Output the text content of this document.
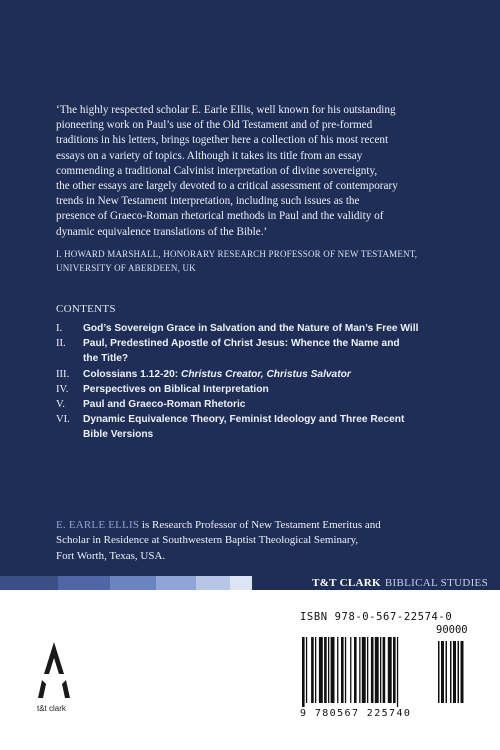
‘The highly respected scholar E. Earle Ellis, well known for his outstanding
pioneering work on Paul’s use of the Old Testament and of pre-formed
traditions in his letters, brings together here a collection of his most recent
essays on a variety of topics. Although it takes its title from an essay
commending a traditional Calvinist interpretation of divine sovereignty,
the other essays are largely devoted to a critical assessment of contemporary
trends in New Testament interpretation, including such issues as the
presence of Graeco-Roman rhetorical methods in Paul and the validity of
dynamic equivalence translations of the Bible.’
I. HOWARD MARSHALL, HONORARY RESEARCH PROFESSOR OF NEW TESTAMENT,
UNIVERSITY OF ABERDEEN, UK
CONTENTS
I.	God’s Sovereign Grace in Salvation and the Nature of Man’s Free Will
II.	Paul, Predestined Apostle of Christ Jesus: Whence the Name and
the Title?
III.	Colossians 1.12-20: Christus Creator, Christus Salvator
IV.	Perspectives on Biblical Interpretation
V.	Paul and Graeco-Roman Rhetoric
VI.	Dynamic Equivalence Theory, Feminist Ideology and Three Recent
Bible Versions
E. EARLE ELLIS is Research Professor of New Testament Emeritus and
Scholar in Residence at Southwestern Baptist Theological Seminary,
Fort Worth, Texas, USA.
T&T CLARK BIBLICAL STUDIES
t&t clark
ISBN 978-0-567-22574-0
90000
9 780567 225740
